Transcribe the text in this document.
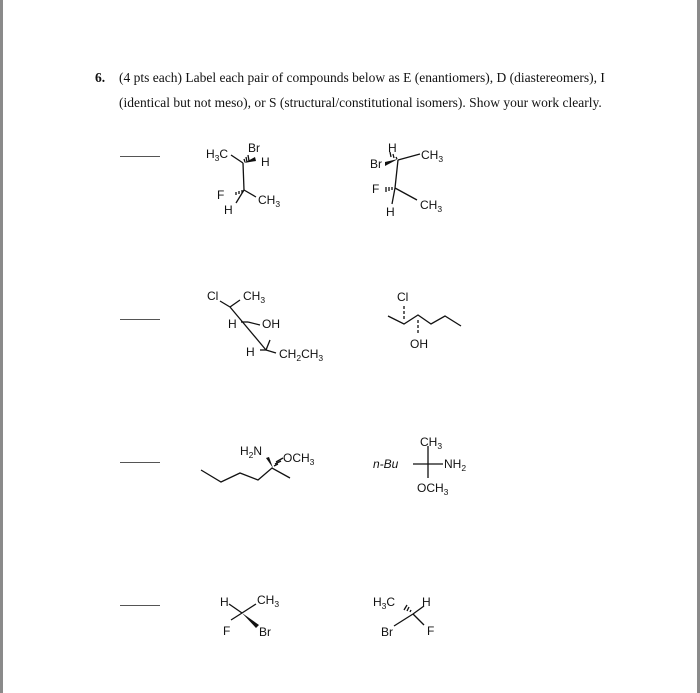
6. (4 pts each) Label each pair of compounds below as E (enantiomers), D (diastereomers), I
(identical but not meso), or S (structural/constitutional isomers). Show your work clearly.
Br
H
$H_3C$
F
H
$CH_3$
H
Br
$CH_3$
F
H $CH_3$
Cl $CH_3$
H OH
H $CH_2CH_3$
Cl
OH
$H_2N$ $OCH_3$
$CH_3$
n-Bu	$NH_2$
$OCH_3$
H $CH_3$
F Br
$H_3C$ H
Br	F
